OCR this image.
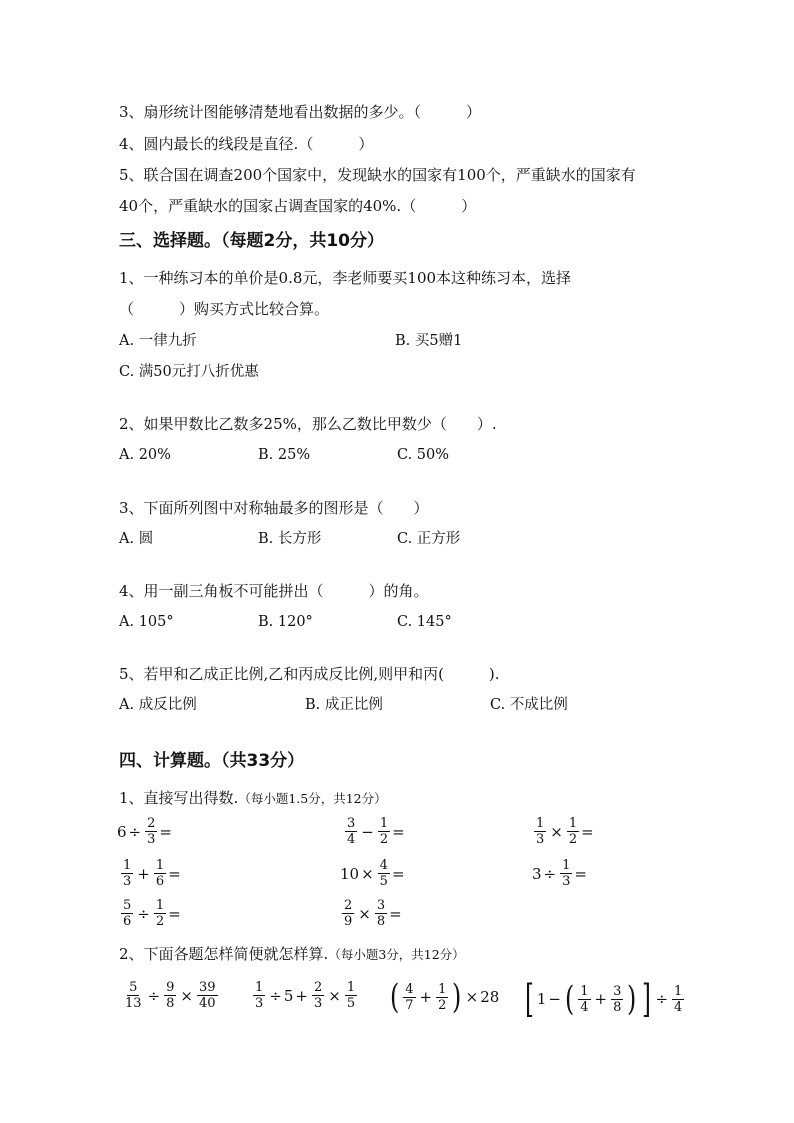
3、扇形统计图能够清楚地看出数据的多少。（　　　）
4、圆内最长的线段是直径.（　　　）
5、联合国在调查200个国家中，发现缺水的国家有100个，严重缺水的国家有
40个，严重缺水的国家占调查国家的40%.（　　　）
三、选择题。（每题2分，共10分）
1、一种练习本的单价是0.8元，李老师要买100本这种练习本，选择
（　　　）购买方式比较合算。
A. 一律九折	B. 买5赠1
C. 满50元打八折优惠
2、如果甲数比乙数多25%，那么乙数比甲数少（　　）.
A. 20%	B. 25%	C. 50%
3、下面所列图中对称轴最多的图形是（　　）
A. 圆	B. 长方形	C. 正方形
4、用一副三角板不可能拼出（　　　）的角。
A. 105°	B. 120°	C. 145°
5、若甲和乙成正比例,乙和丙成反比例,则甲和丙(　　　).
A. 成反比例	B. 成正比例	C. 不成比例
四、计算题。（共33分）
1、直接写出得数.（每小题1.5分，共12分）
$6 \div \frac{2}{3}$ =	$\frac{3}{4} - \frac{1}{2}$ =	$\frac{1}{3} \times \frac{1}{2}$ =
$\frac{1}{3} + \frac{1}{6}$ =	$10 \times \frac{4}{5}$ =	$3 \div \frac{1}{3}$ =
$\frac{5}{6} \div \frac{1}{2}$ =	$\frac{2}{9} \times \frac{3}{8}$ =
2、下面各题怎样简便就怎样算.（每小题3分，共12分）
$\frac{5}{13} \div \frac{9}{8} \times \frac{39}{40}$	$\frac{1}{3} \div 5 + \frac{2}{3} \times \frac{1}{5}$ ( $\frac{4}{7} + \frac{1}{2}$ ) × 28 [ 1 − ( $\frac{1}{4} + \frac{3}{8}$ ) ] ÷ $\frac{1}{4}$
